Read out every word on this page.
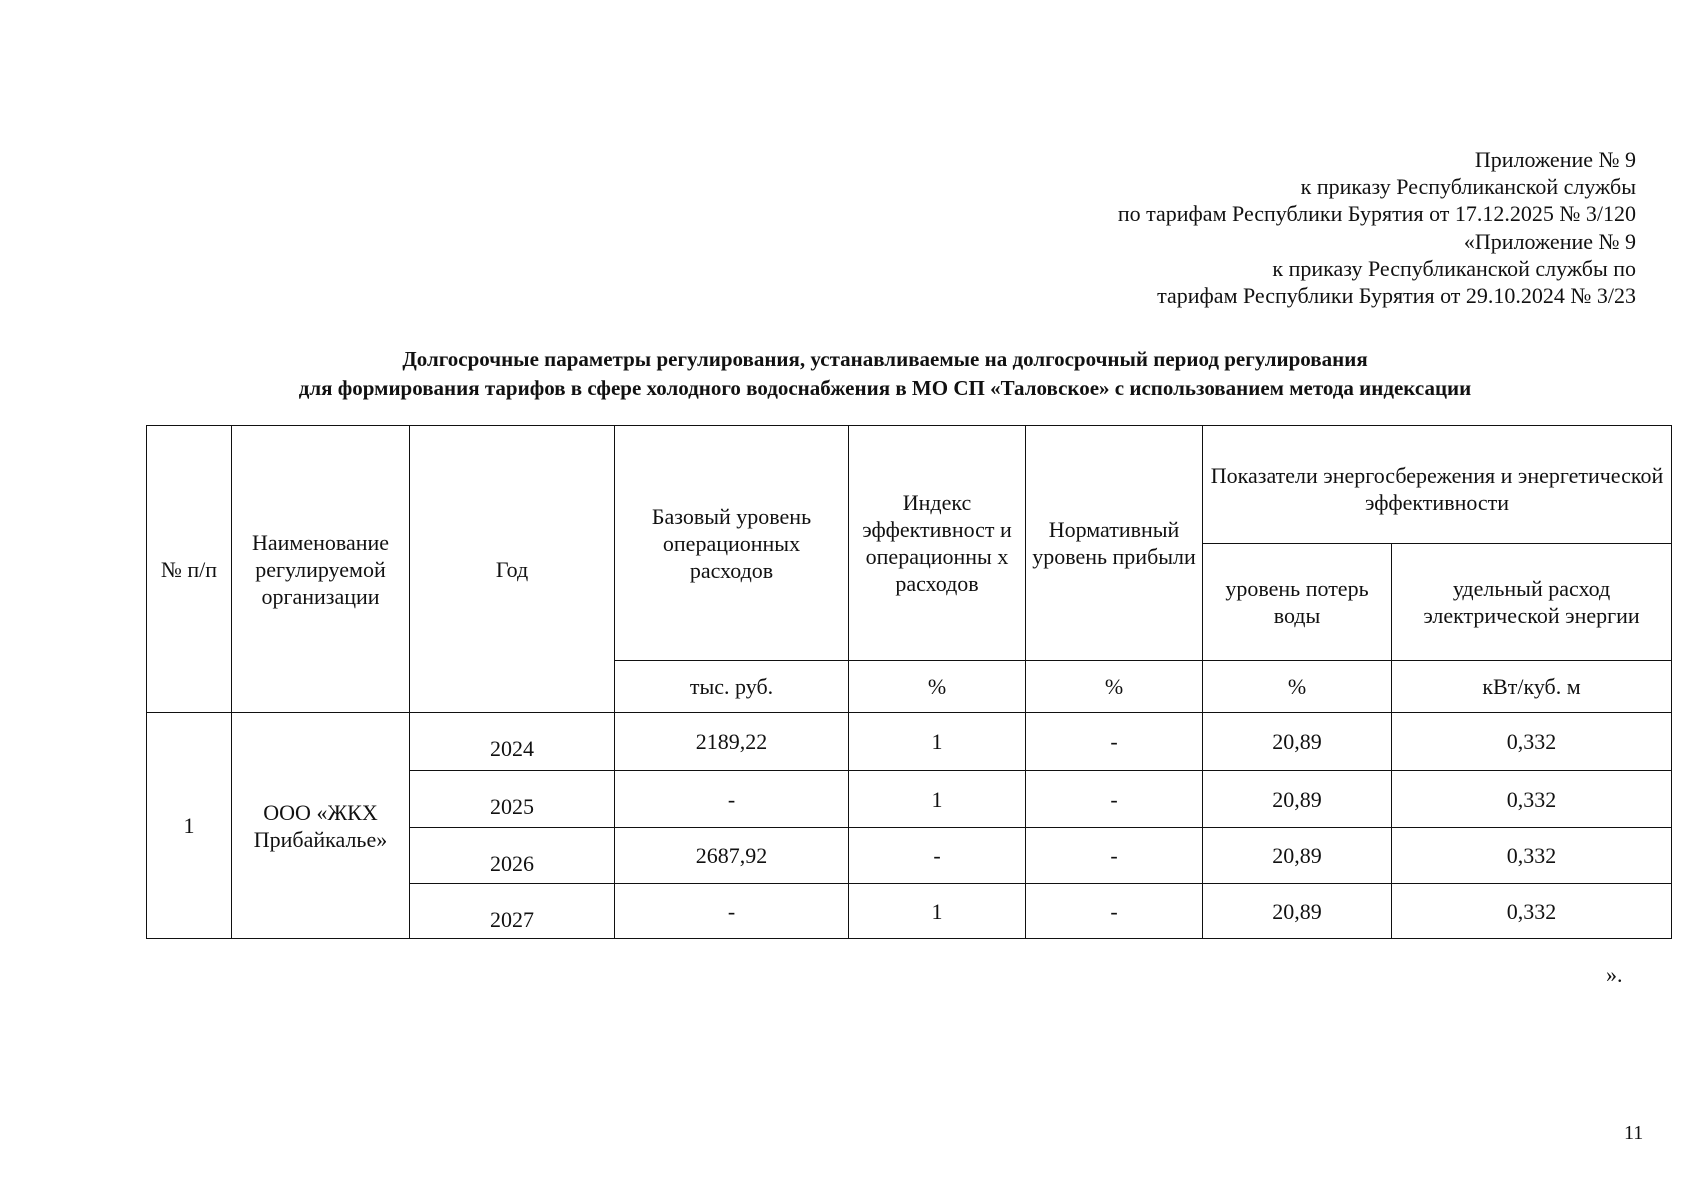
Приложение № 9
к приказу Республиканской службы
по тарифам Республики Бурятия от 17.12.2025 № 3/120
«Приложение № 9
к приказу Республиканской службы по
тарифам Республики Бурятия от 29.10.2024 № 3/23
Долгосрочные параметры регулирования, устанавливаемые на долгосрочный период регулирования
для формирования тарифов в сфере холодного водоснабжения в МО СП «Таловское» с использованием метода индексации
№ п/п	Наименование регулируемой организации	Год	Базовый уровень операционных расходов	Индекс эффективност и операционны х расходов	Нормативный уровень прибыли	Показатели энергосбережения и энергетической эффективности	
						уровень потерь воды	удельный расход электрической энергии
			тыс. руб.	%	%	%	кВт/куб. м
1	ООО «ЖКХ Прибайкалье»	2024	2189,22	1	-	20,89	0,332
		2025	-	1	-	20,89	0,332
		2026	2687,92	-	-	20,89	0,332
		2027	-	1	-	20,89	0,332
».
11
